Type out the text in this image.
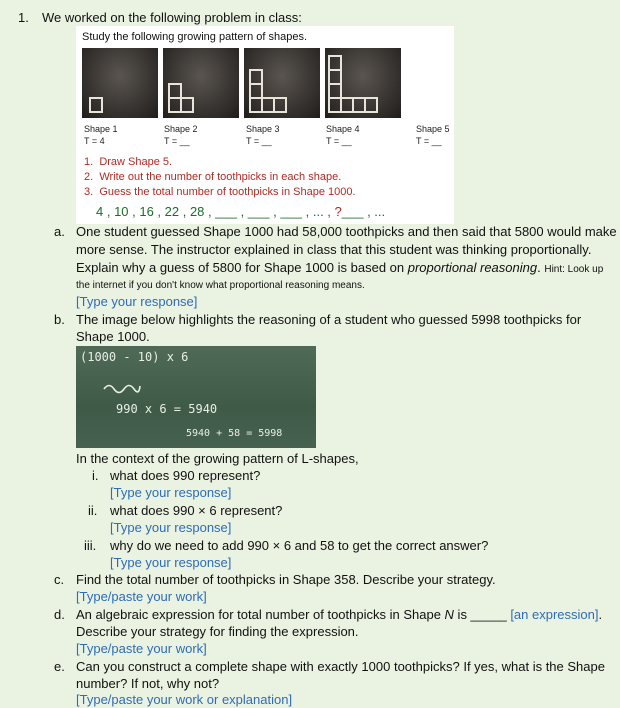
1. We worked on the following problem in class:
Study the following growing pattern of shapes.
Shape 1
T = 4
Shape 2
T = __
Shape 3
T = __
Shape 4
T = __
Shape 5
T = __
1. Draw Shape 5.
2. Write out the number of toothpicks in each shape.
3. Guess the total number of toothpicks in Shape 1000.
4 , 10 , 16 , 22 , 28 , ___ , ___ , ___ , ... , ?___ , ...
a. One student guessed Shape 1000 had 58,000 toothpicks and then said that 5800 would make
more sense. The instructor explained in class that this student was thinking proportionally.
Explain why a guess of 5800 for Shape 1000 is based on proportional reasoning. Hint: Look up
the internet if you don't know what proportional reasoning means.
[Type your response]
b. The image below highlights the reasoning of a student who guessed 5998 toothpicks for
Shape 1000.
(1000 - 10) x 6
990 x 6 = 5940
5940 + 58 = 5998
In the context of the growing pattern of L-shapes,
i. what does 990 represent?
[Type your response]
ii. what does 990 × 6 represent?
[Type your response]
iii. why do we need to add 990 × 6 and 58 to get the correct answer?
[Type your response]
c. Find the total number of toothpicks in Shape 358. Describe your strategy.
[Type/paste your work]
d. An algebraic expression for total number of toothpicks in Shape N is _____ [an expression].
Describe your strategy for finding the expression.
[Type/paste your work]
e. Can you construct a complete shape with exactly 1000 toothpicks? If yes, what is the Shape
number? If not, why not?
[Type/paste your work or explanation]
